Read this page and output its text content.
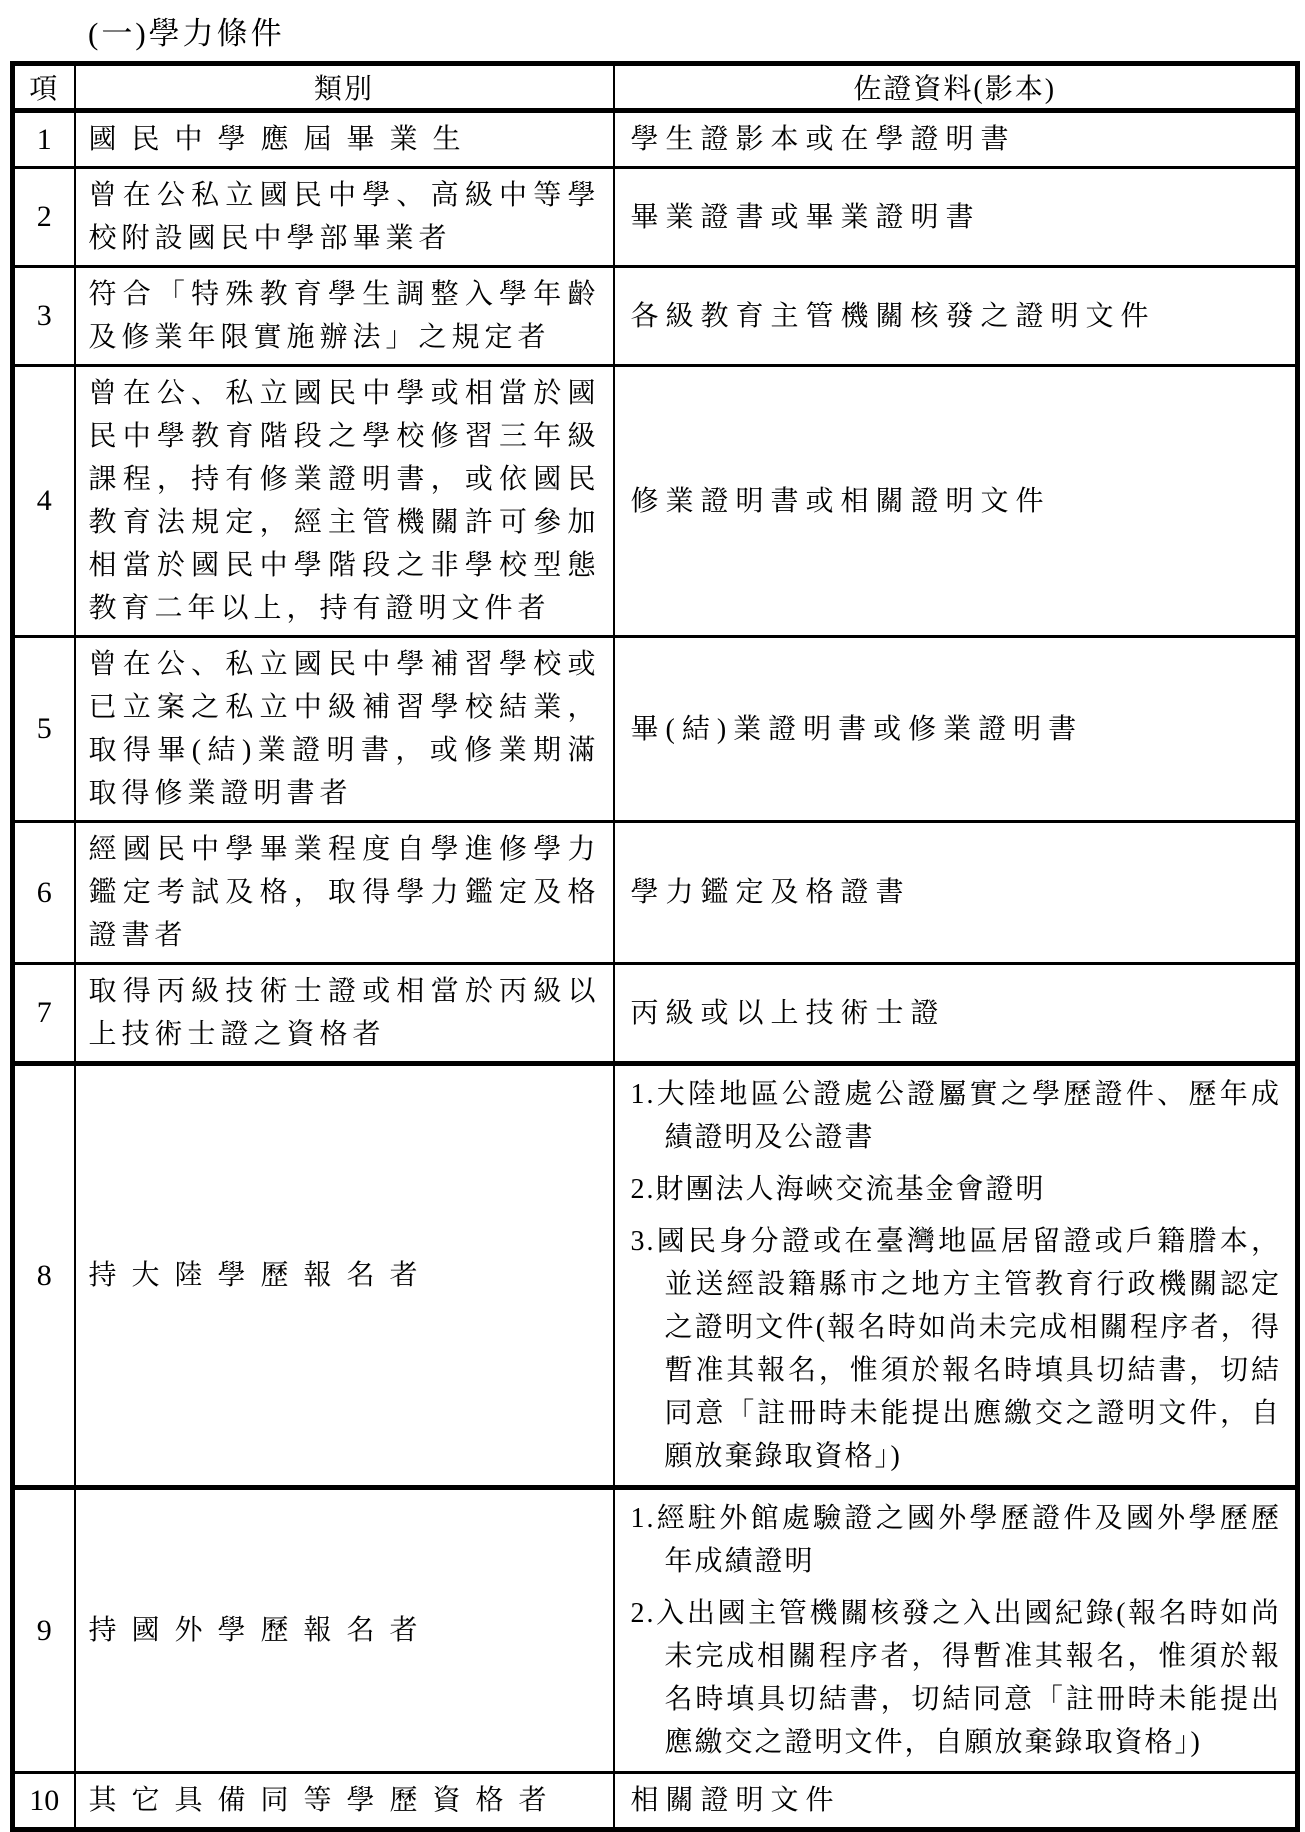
(一)學力條件
項	類別	佐證資料(影本)
1	國民中學應屆畢業生	學生證影本或在學證明書

2	曾在公私立國民中學、高級中等學校附設國民中學部畢業者	畢業證書或畢業證明書

3	符合「特殊教育學生調整入學年齡及修業年限實施辦法」之規定者	各級教育主管機關核發之證明文件

4	曾在公、私立國民中學或相當於國民中學教育階段之學校修習三年級課程，持有修業證明書，或依國民教育法規定，經主管機關許可參加相當於國民中學階段之非學校型態教育二年以上，持有證明文件者	修業證明書或相關證明文件

5	曾在公、私立國民中學補習學校或已立案之私立中級補習學校結業，取得畢(結)業證明書，或修業期滿取得修業證明書者	畢(結)業證明書或修業證明書

6	經國民中學畢業程度自學進修學力鑑定考試及格，取得學力鑑定及格證書者	學力鑑定及格證書

7	取得丙級技術士證或相當於丙級以上技術士證之資格者	丙級或以上技術士證

8	持大陸學歷報名者	1.大陸地區公證處公證屬實之學歷證件、歷年成績證明及公證書
2.財團法人海峽交流基金會證明
3.國民身分證或在臺灣地區居留證或戶籍謄本，並送經設籍縣市之地方主管教育行政機關認定之證明文件(報名時如尚未完成相關程序者，得暫准其報名，惟須於報名時填具切結書，切結同意「註冊時未能提出應繳交之證明文件，自願放棄錄取資格」)

9	持國外學歷報名者	1.經駐外館處驗證之國外學歷證件及國外學歷歷年成績證明
2.入出國主管機關核發之入出國紀錄(報名時如尚未完成相關程序者，得暫准其報名，惟須於報名時填具切結書，切結同意「註冊時未能提出應繳交之證明文件，自願放棄錄取資格」)

10	其它具備同等學歷資格者	相關證明文件
